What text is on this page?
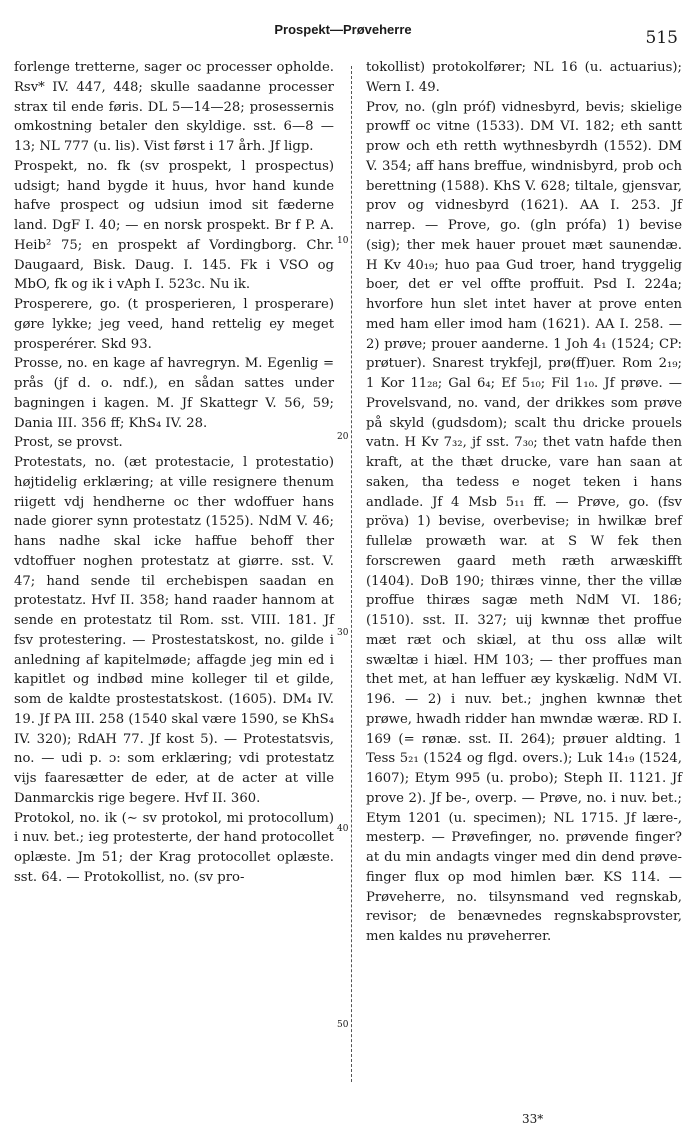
Prospekt—Prøveherre	515

forlenge tretterne, sager oc processer opholde. Rsv* IV. 447, 448; skulle saadanne processer strax til ende føris. DL 5—14—28; prosessernis omkostning betaler den skyldige. sst. 6—8 —13; NL 777 (u. lis). Vist først i 17 årh. Jf ligp.

Prospekt, no. fk (sv prospekt, l prospectus) udsigt; hand bygde it huus, hvor hand kunde hafve prospect og udsiun imod sit fæderne land. DgF I. 40; — en norsk prospekt. Br f P. A. Heib² 75; en prospekt af Vordingborg. Chr. Daugaard, Bisk. Daug. I. 145. Fk i VSO og MbO, fk og ik i vAph I. 523c. Nu ik.

Prosperere, go. (t prosperieren, l prosperare) gøre lykke; jeg veed, hand rettelig ey meget prosperérer. Skd 93.

Prosse, no. en kage af havregryn. M. Egenlig = prås (jf d. o. ndf.), en sådan sattes under bagningen i kagen. M. Jf Skattegr V. 56, 59; Dania III. 356 ff; KhS₄ IV. 28.

Prost, se provst.

Protestats, no. (æt protestacie, l protestatio) højtidelig erklæring; at ville resignere thenum riigett vdj hendherne oc ther wdoffuer hans nade giorer synn protestatz (1525). NdM V. 46; hans nadhe skal icke haffue behoff ther vdtoffuer noghen protestatz at giørre. sst. V. 47; hand sende til erchebispen saadan en protestatz. Hvf II. 358; hand raader hannom at sende en protestatz til Rom. sst. VIII. 181. Jf fsv protestering. — Prostestatskost, no. gilde i anledning af kapitelmøde; affagde jeg min ed i kapitlet og indbød mine kolleger til et gilde, som de kaldte prostestatskost. (1605). DM₄ IV. 19. Jf PA III. 258 (1540 skal være 1590, se KhS₄ IV. 320); RdAH 77. Jf kost 5). — Protestatsvis, no. — udi p. ɔ: som erklæring; vdi protestatz vijs faaresætter de eder, at de acter at ville Danmarckis rige begere. Hvf II. 360.

Protokol, no. ik (∼ sv protokol, mi protocollum) i nuv. bet.; ieg protesterte, der hand protocollet oplæste. Jm 51; der Krag protocollet oplæste. sst. 64. — Protokollist, no. (sv pro-

10
20
30
40
50

tokollist) protokolfører; NL 16 (u. actuarius); Wern I. 49.

Prov, no. (gln próf) vidnesbyrd, bevis; skielige prowff oc vitne (1533). DM VI. 182; eth santt prow och eth retth wythnesbyrdh (1552). DM V. 354; aff hans breffue, windnisbyrd, prob och berettning (1588). KhS V. 628; tiltale, gjensvar, prov og vidnesbyrd (1621). AA I. 253. Jf narrep. — Prove, go. (gln prófa) 1) bevise (sig); ther mek hauer prouet mæt saunendæ. H Kv 40₁₉; huo paa Gud troer, hand tryggelig boer, det er vel offte proffuit. Psd I. 224a; hvorfore hun slet intet haver at prove enten med ham eller imod ham (1621). AA I. 258. — 2) prøve; prouer aanderne. 1 Joh 4₁ (1524; CP: prøtuer). Snarest trykfejl, prø(ff)uer. Rom 2₁₉; 1 Kor 11₂₈; Gal 6₄; Ef 5₁₀; Fil 1₁₀. Jf prøve. — Provelsvand, no. vand, der drikkes som prøve på skyld (gudsdom); scalt thu dricke prouels vatn. H Kv 7₃₂, jf sst. 7₃₀; thet vatn hafde then kraft, at the thæt drucke, vare han saan at saken, tha tedess e noget teken i hans andlade. Jf 4 Msb 5₁₁ ff. — Prøve, go. (fsv pröva) 1) bevise, overbevise; in hwilkæ bref fullelæ prowæth war. at S W fek then forscrewen gaard meth ræth arwæskifft (1404). DoB 190; thiræs vinne, ther the villæ proffue thiræs sagæ meth NdM VI. 186; (1510). sst. II. 327; uij kwnnæ thet proffue mæt ræt och skiæl, at thu oss allæ wilt swæltæ i hiæl. HM 103; — ther proffues man thet met, at han leffuer æy kyskælig. NdM VI. 196. — 2) i nuv. bet.; jnghen kwnnæ thet prøwe, hwadh ridder han mwndæ wæræ. RD I. 169 (= rønæ. sst. II. 264); prøuer aldting. 1 Tess 5₂₁ (1524 og flgd. overs.); Luk 14₁₉ (1524, 1607); Etym 995 (u. probo); Steph II. 1121. Jf prove 2). Jf be-, overp. — Prøve, no. i nuv. bet.; Etym 1201 (u. specimen); NL 1715. Jf lære-, mesterp. — Prøvefinger, no. prøvende finger? at du min andagts vinger med din dend prøve-finger flux op mod himlen bær. KS 114. — Prøveherre, no. tilsynsmand ved regnskab, revisor; de benævnedes regnskabsprovster, men kaldes nu prøveherrer.

33*
